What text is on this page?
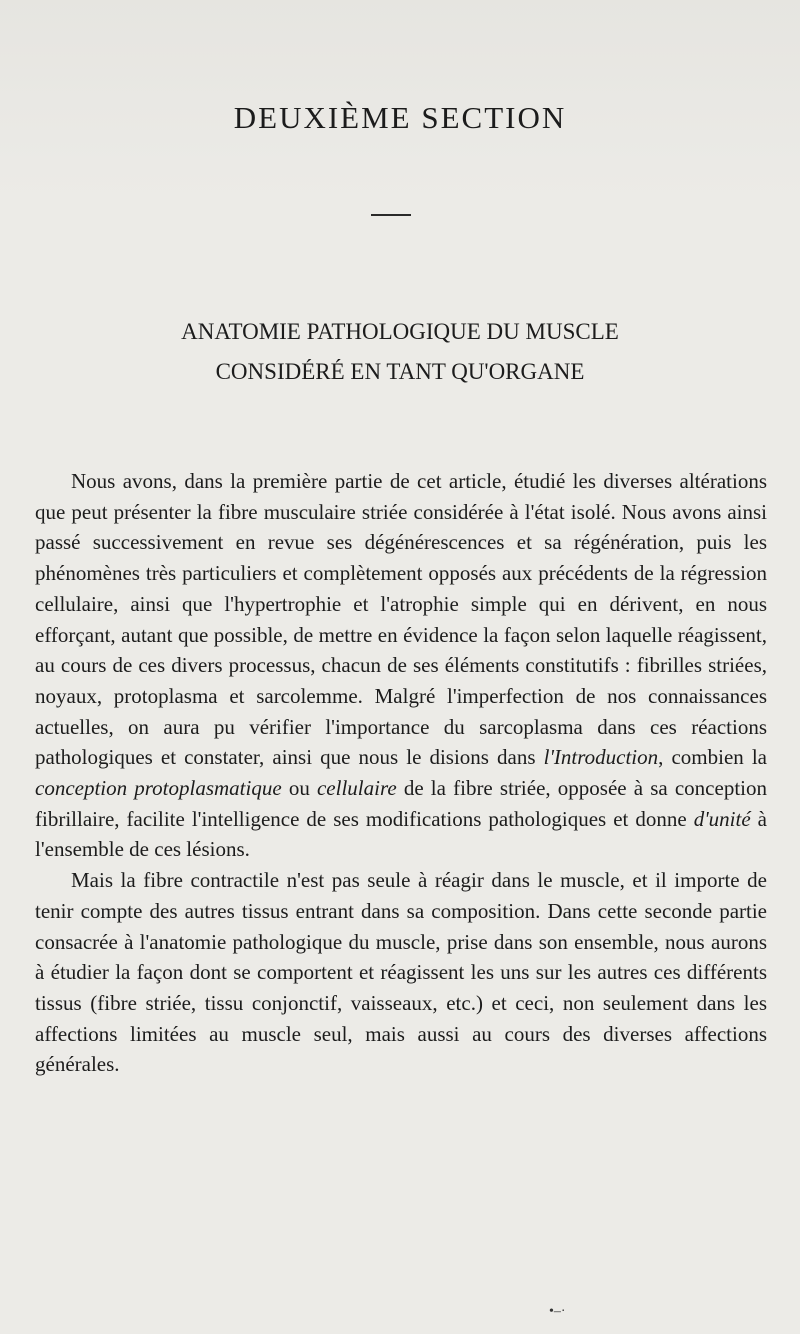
DEUXIÈME SECTION
ANATOMIE PATHOLOGIQUE DU MUSCLE
CONSIDÉRÉ EN TANT QU'ORGANE

Nous avons, dans la première partie de cet article, étudié les diverses altérations que peut présenter la fibre musculaire striée considérée à l'état isolé. Nous avons ainsi passé successivement en revue ses dégénérescences et sa régénération, puis les phénomènes très particuliers et complètement opposés aux précédents de la régression cellulaire, ainsi que l'hypertrophie et l'atrophie simple qui en dérivent, en nous efforçant, autant que possible, de mettre en évidence la façon selon laquelle réagissent, au cours de ces divers processus, chacun de ses éléments constitutifs : fibrilles striées, noyaux, protoplasma et sarcolemme. Malgré l'imperfection de nos connaissances actuelles, on aura pu vérifier l'importance du sarcoplasma dans ces réactions pathologiques et constater, ainsi que nous le disions dans l'Introduction, combien la conception protoplasmatique ou cellulaire de la fibre striée, opposée à sa conception fibrillaire, facilite l'intelligence de ses modifications pathologiques et donne d'unité à l'ensemble de ces lésions.

Mais la fibre contractile n'est pas seule à réagir dans le muscle, et il importe de tenir compte des autres tissus entrant dans sa composition. Dans cette seconde partie consacrée à l'anatomie pathologique du muscle, prise dans son ensemble, nous aurons à étudier la façon dont se comportent et réagissent les uns sur les autres ces différents tissus (fibre striée, tissu conjonctif, vaisseaux, etc.) et ceci, non seulement dans les affections limitées au muscle seul, mais aussi au cours des diverses affections générales.

•–·
